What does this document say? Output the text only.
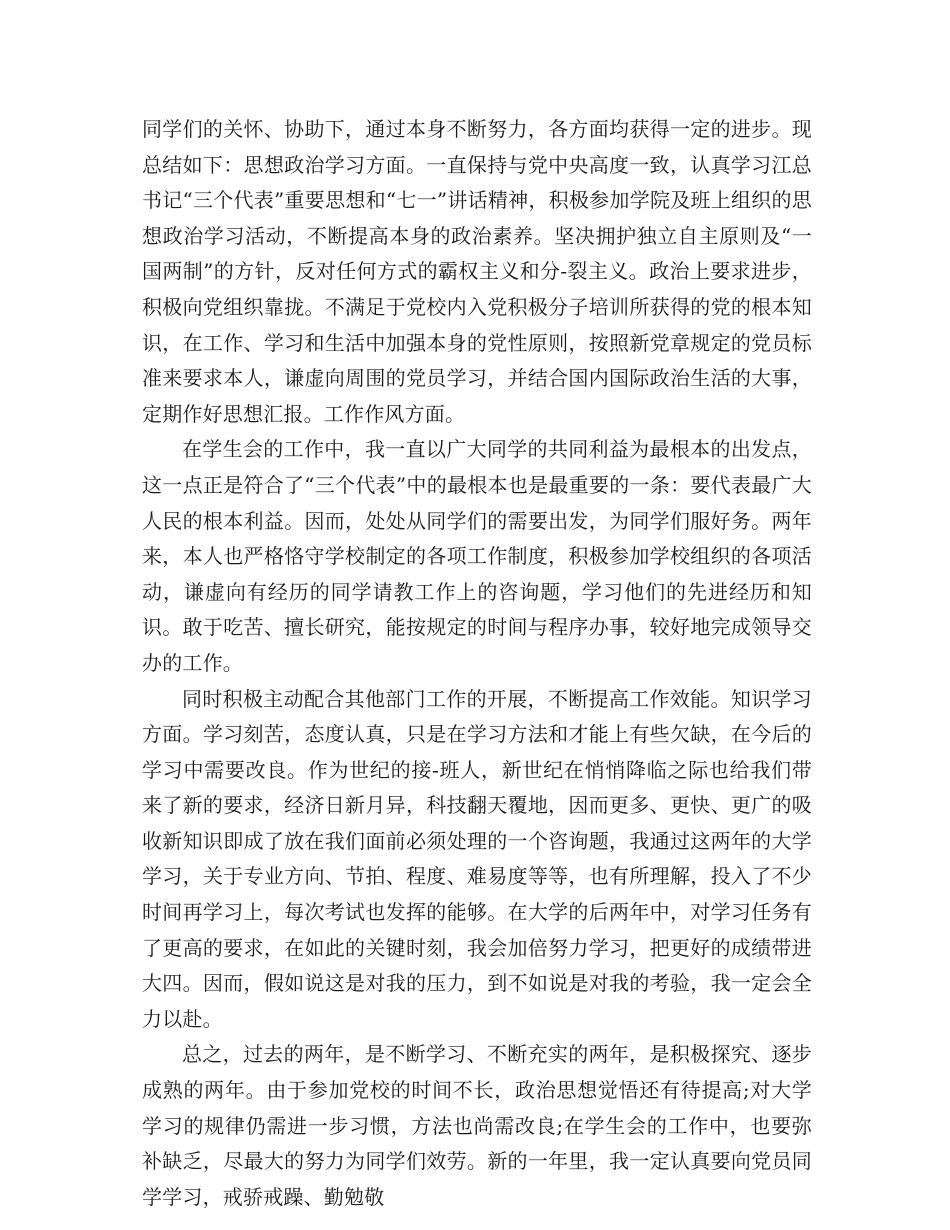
同学们的关怀、协助下，通过本身不断努力，各方面均获得一定的进步。现总结如下：思想政治学习方面。一直保持与党中央高度一致，认真学习江总书记“三个代表”重要思想和“七一”讲话精神，积极参加学院及班上组织的思想政治学习活动，不断提高本身的政治素养。坚决拥护独立自主原则及“一国两制”的方针，反对任何方式的霸权主义和分-裂主义。政治上要求进步，积极向党组织靠拢。不满足于党校内入党积极分子培训所获得的党的根本知识，在工作、学习和生活中加强本身的党性原则，按照新党章规定的党员标准来要求本人，谦虚向周围的党员学习，并结合国内国际政治生活的大事，定期作好思想汇报。工作作风方面。

在学生会的工作中，我一直以广大同学的共同利益为最根本的出发点，这一点正是符合了“三个代表”中的最根本也是最重要的一条：要代表最广大人民的根本利益。因而，处处从同学们的需要出发，为同学们服好务。两年来，本人也严格恪守学校制定的各项工作制度，积极参加学校组织的各项活动，谦虚向有经历的同学请教工作上的咨询题，学习他们的先进经历和知识。敢于吃苦、擅长研究，能按规定的时间与程序办事，较好地完成领导交办的工作。

同时积极主动配合其他部门工作的开展，不断提高工作效能。知识学习方面。学习刻苦，态度认真，只是在学习方法和才能上有些欠缺，在今后的学习中需要改良。作为世纪的接-班人，新世纪在悄悄降临之际也给我们带来了新的要求，经济日新月异，科技翻天覆地，因而更多、更快、更广的吸收新知识即成了放在我们面前必须处理的一个咨询题，我通过这两年的大学学习，关于专业方向、节拍、程度、难易度等等，也有所理解，投入了不少时间再学习上，每次考试也发挥的能够。在大学的后两年中，对学习任务有了更高的要求，在如此的关键时刻，我会加倍努力学习，把更好的成绩带进大四。因而，假如说这是对我的压力，到不如说是对我的考验，我一定会全力以赴。

总之，过去的两年，是不断学习、不断充实的两年，是积极探究、逐步成熟的两年。由于参加党校的时间不长，政治思想觉悟还有待提高;对大学学习的规律仍需进一步习惯，方法也尚需改良;在学生会的工作中，也要弥补缺乏，尽最大的努力为同学们效劳。新的一年里，我一定认真要向党员同学学习，戒骄戒躁、勤勉敬
